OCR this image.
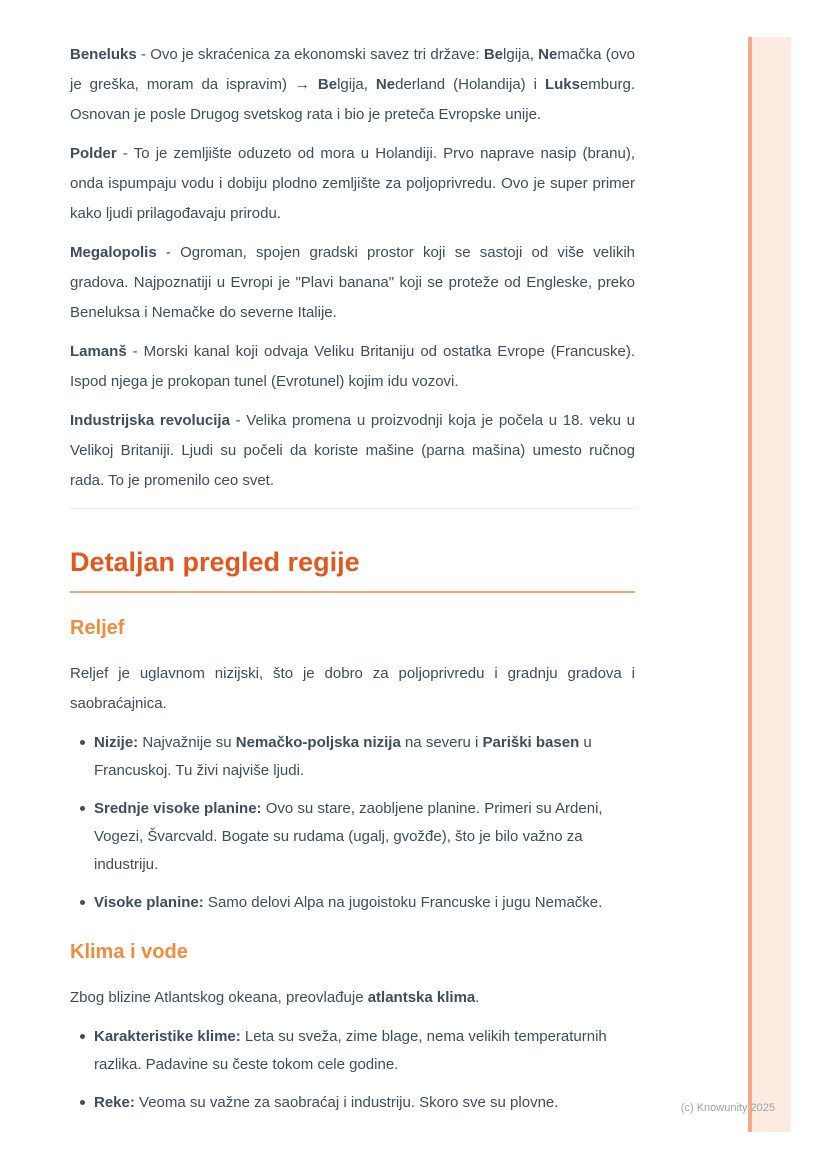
Beneluks - Ovo je skraćenica za ekonomski savez tri države: Belgija, Nemačka (ovo je greška, moram da ispravim) → Belgija, Nederland (Holandija) i Luksemburg. Osnovan je posle Drugog svetskog rata i bio je preteča Evropske unije.

Polder - To je zemljište oduzeto od mora u Holandiji. Prvo naprave nasip (branu), onda ispumpaju vodu i dobiju plodno zemljište za poljoprivredu. Ovo je super primer kako ljudi prilagođavaju prirodu.

Megalopolis - Ogroman, spojen gradski prostor koji se sastoji od više velikih gradova. Najpoznatiji u Evropi je "Plavi banana" koji se proteže od Engleske, preko Beneluksa i Nemačke do severne Italije.

Lamanš - Morski kanal koji odvaja Veliku Britaniju od ostatka Evrope (Francuske). Ispod njega je prokopan tunel (Evrotunel) kojim idu vozovi.

Industrijska revolucija - Velika promena u proizvodnji koja je počela u 18. veku u Velikoj Britaniji. Ljudi su počeli da koriste mašine (parna mašina) umesto ručnog rada. To je promenilo ceo svet.

Detaljan pregled regije
Reljef

Reljef je uglavnom nizijski, što je dobro za poljoprivredu i gradnju gradova i saobraćajnica.

Nizije: Najvažnije su Nemačko-poljska nizija na severu i Pariški basen u Francuskoj. Tu živi najviše ljudi.
Srednje visoke planine: Ovo su stare, zaobljene planine. Primeri su Ardeni, Vogezi, Švarcvald. Bogate su rudama (ugalj, gvožđe), što je bilo važno za industriju.
Visoke planine: Samo delovi Alpa na jugoistoku Francuske i jugu Nemačke.
Klima i vode

Zbog blizine Atlantskog okeana, preovlađuje atlantska klima.

Karakteristike klime: Leta su sveža, zime blage, nema velikih temperaturnih razlika. Padavine su česte tokom cele godine.
Reke: Veoma su važne za saobraćaj i industriju. Skoro sve su plovne.	(c) Knowunity 2025
